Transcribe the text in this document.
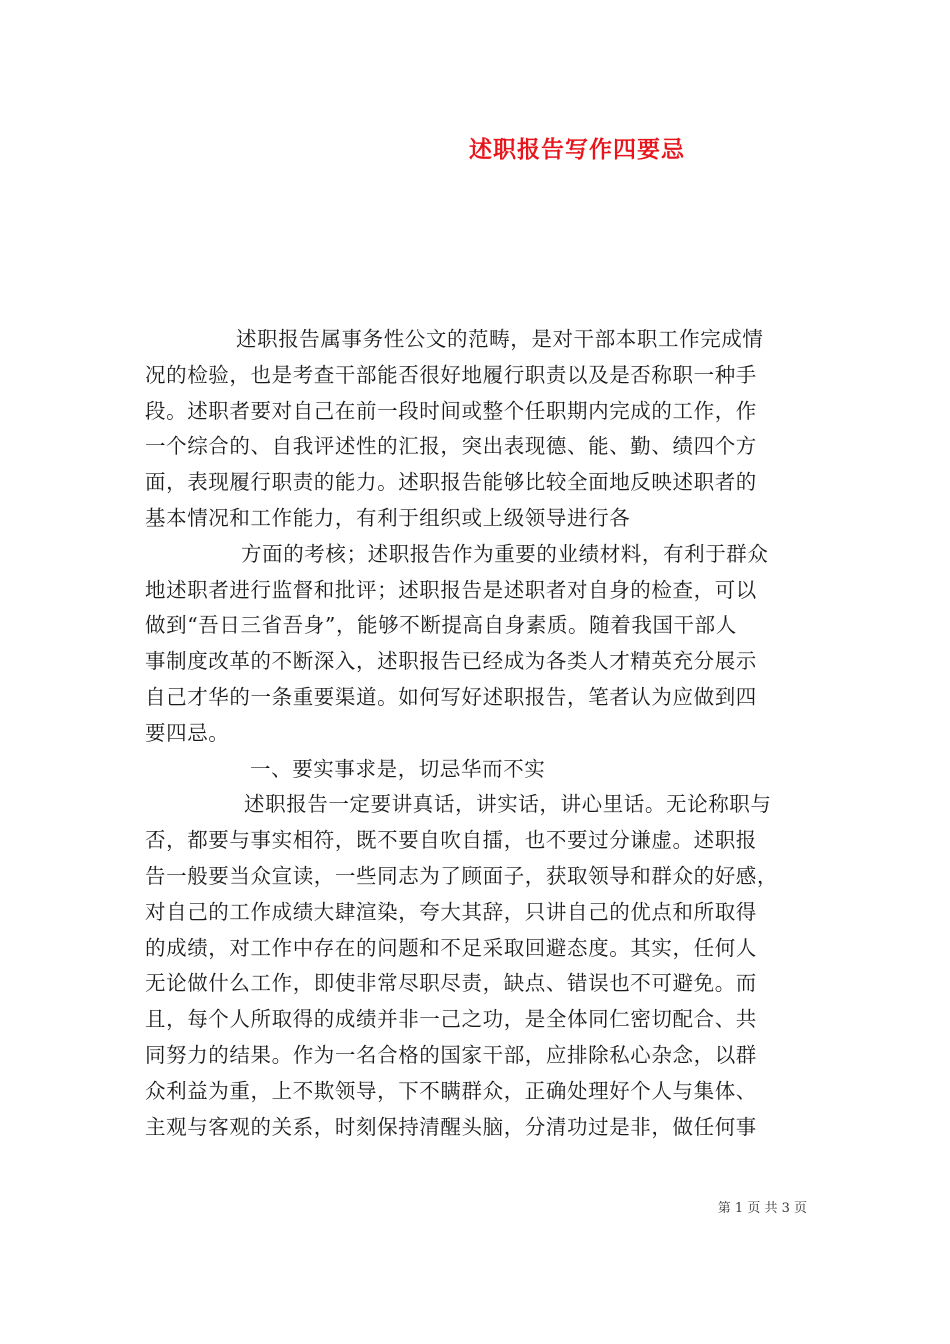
述职报告写作四要忌

述职报告属事务性公文的范畴，是对干部本职工作完成情

况的检验，也是考查干部能否很好地履行职责以及是否称职一种手

段。述职者要对自己在前一段时间或整个任职期内完成的工作，作

一个综合的、自我评述性的汇报，突出表现德、能、勤、绩四个方

面，表现履行职责的能力。述职报告能够比较全面地反映述职者的

基本情况和工作能力，有利于组织或上级领导进行各

方面的考核；述职报告作为重要的业绩材料，有利于群众

地述职者进行监督和批评；述职报告是述职者对自身的检查，可以

做到“吾日三省吾身”，能够不断提高自身素质。随着我国干部人

事制度改革的不断深入，述职报告已经成为各类人才精英充分展示

自己才华的一条重要渠道。如何写好述职报告，笔者认为应做到四

要四忌。

一、要实事求是，切忌华而不实

述职报告一定要讲真话，讲实话，讲心里话。无论称职与

否，都要与事实相符，既不要自吹自擂，也不要过分谦虚。述职报

告一般要当众宣读，一些同志为了顾面子，获取领导和群众的好感，

对自己的工作成绩大肆渲染，夸大其辞，只讲自己的优点和所取得

的成绩，对工作中存在的问题和不足采取回避态度。其实，任何人

无论做什么工作，即使非常尽职尽责，缺点、错误也不可避免。而

且，每个人所取得的成绩并非一己之功，是全体同仁密切配合、共

同努力的结果。作为一名合格的国家干部，应排除私心杂念，以群

众利益为重，上不欺领导，下不瞒群众，正确处理好个人与集体、

主观与客观的关系，时刻保持清醒头脑，分清功过是非，做任何事

第 1 页 共 3 页
